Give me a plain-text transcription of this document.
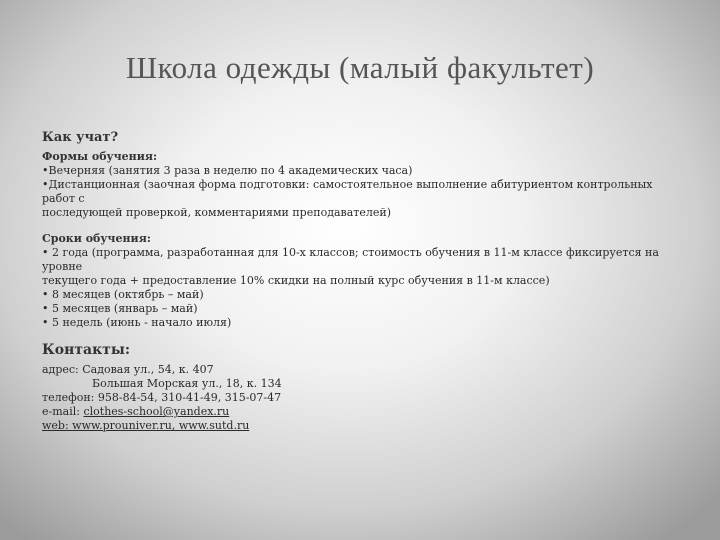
Школа одежды (малый факультет)
Как учат?
Формы обучения:
•Вечерняя (занятия 3 раза в неделю по 4 академических часа)
•Дистанционная (заочная форма подготовки: самостоятельное выполнение абитуриентом контрольных работ с
последующей проверкой, комментариями преподавателей)
Сроки обучения:
• 2 года (программа, разработанная для 10-х классов; стоимость обучения в 11-м классе фиксируется на уровне
текущего года + предоставление 10% скидки на полный курс обучения в 11-м классе)
• 8 месяцев (октябрь – май)
• 5 месяцев (январь – май)
• 5 недель (июнь - начало июля)
Контакты:
адрес: Садовая ул., 54, к. 407
Большая Морская ул., 18, к. 134
телефон: 958-84-54, 310-41-49, 315-07-47
e-mail: clothes-school@yandex.ru
web: www.prouniver.ru, www.sutd.ru
